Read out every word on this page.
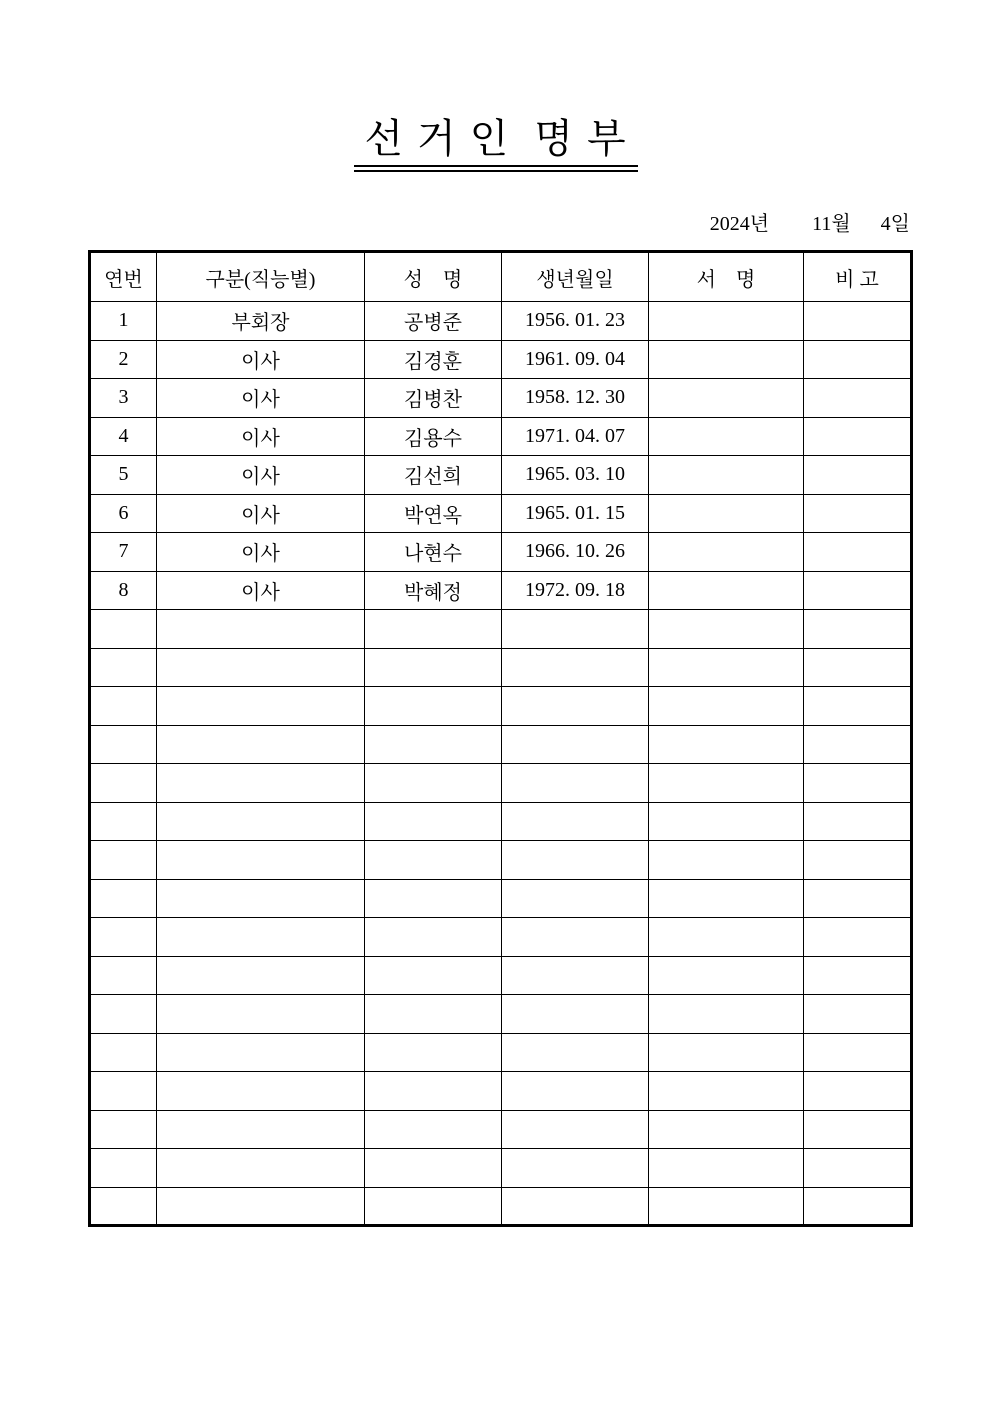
선 거 인  명 부
2024년 11월 4일
연번	구분(직능별)	성    명	생년월일	서    명	비 고
1	부회장	공병준	1956. 01. 23		
2	이사	김경훈	1961. 09. 04		
3	이사	김병찬	1958. 12. 30		
4	이사	김용수	1971. 04. 07		
5	이사	김선희	1965. 03. 10		
6	이사	박연옥	1965. 01. 15		
7	이사	나현수	1966. 10. 26		
8	이사	박혜정	1972. 09. 18		
